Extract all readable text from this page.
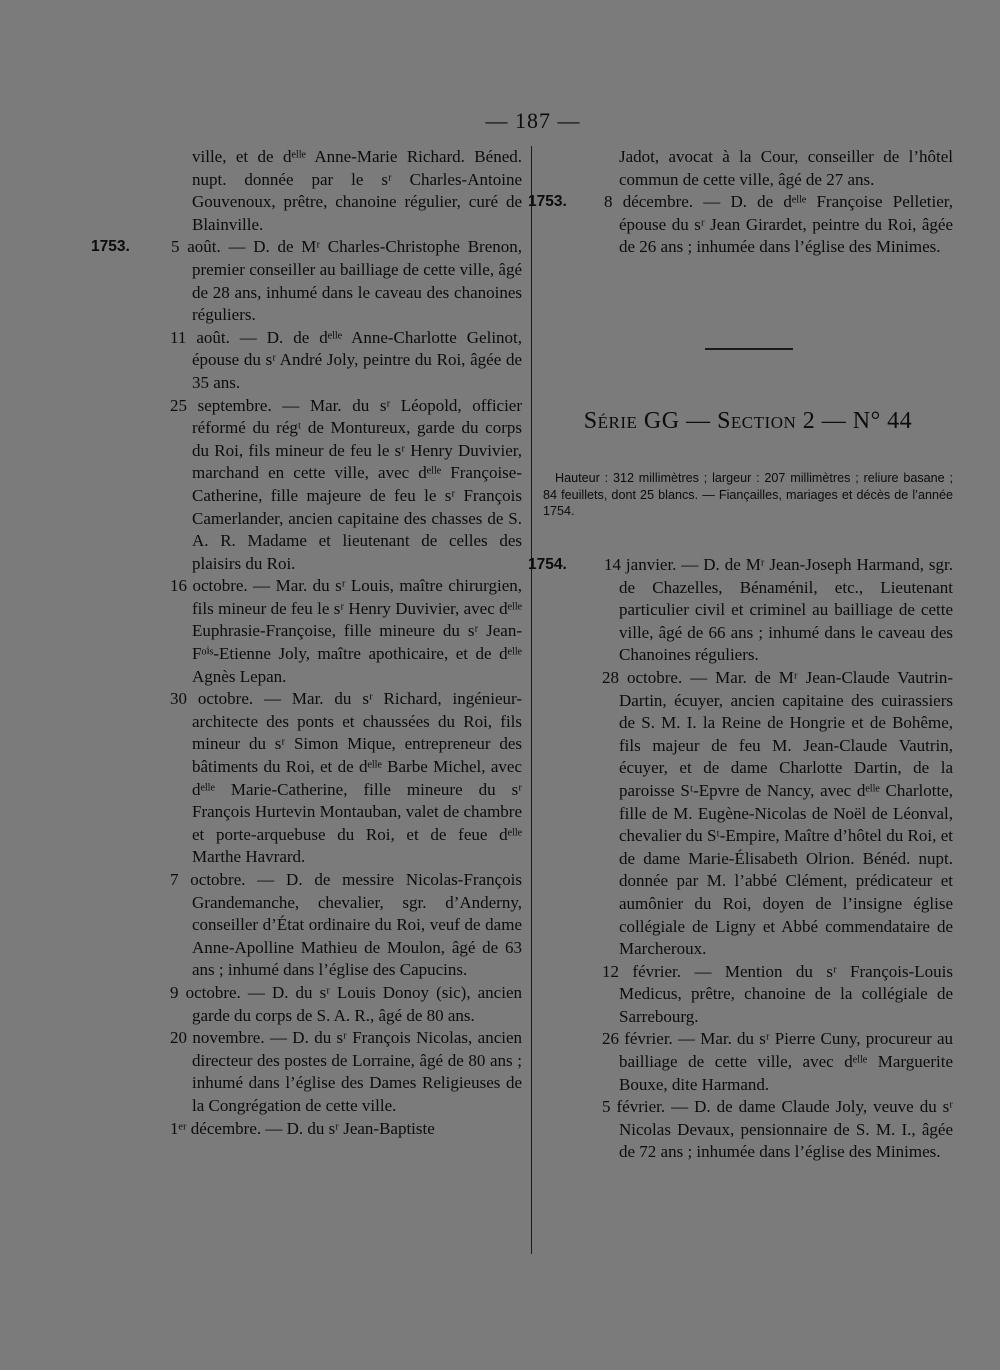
— 187 —

ville, et de dᵉˡˡᵉ Anne-Marie Richard. Béned. nupt. donnée par le sʳ Charles-Antoine Gouvenoux, prêtre, chanoine régulier, curé de Blainville.

1753. 5 août. — D. de Mʳ Charles-Christophe Brenon, premier conseiller au bailliage de cette ville, âgé de 28 ans, inhumé dans le caveau des chanoines réguliers.

11 août. — D. de dᵉˡˡᵉ Anne-Charlotte Gelinot, épouse du sʳ André Joly, peintre du Roi, âgée de 35 ans.

25 septembre. — Mar. du sʳ Léopold, officier réformé du régᵗ de Montureux, garde du corps du Roi, fils mineur de feu le sʳ Henry Duvivier, marchand en cette ville, avec dᵉˡˡᵉ Françoise-Catherine, fille majeure de feu le sʳ François Camerlander, ancien capitaine des chasses de S. A. R. Madame et lieutenant de celles des plaisirs du Roi.

16 octobre. — Mar. du sʳ Louis, maître chirurgien, fils mineur de feu le sʳ Henry Duvivier, avec dᵉˡˡᵉ Euphrasie-Françoise, fille mineure du sʳ Jean-Fᵒⁱˢ-Etienne Joly, maître apothicaire, et de dᵉˡˡᵉ Agnès Lepan.

30 octobre. — Mar. du sʳ Richard, ingénieur-architecte des ponts et chaussées du Roi, fils mineur du sʳ Simon Mique, entrepreneur des bâtiments du Roi, et de dᵉˡˡᵉ Barbe Michel, avec dᵉˡˡᵉ Marie-Catherine, fille mineure du sʳ François Hurtevin Montauban, valet de chambre et porte-arquebuse du Roi, et de feue dᵉˡˡᵉ Marthe Havrard.

7 octobre. — D. de messire Nicolas-François Grandemanche, chevalier, sgr. d’Anderny, conseiller d’État ordinaire du Roi, veuf de dame Anne-Apolline Mathieu de Moulon, âgé de 63 ans ; inhumé dans l’église des Capucins.

9 octobre. — D. du sʳ Louis Donoy (sic), ancien garde du corps de S. A. R., âgé de 80 ans.

20 novembre. — D. du sʳ François Nicolas, ancien directeur des postes de Lorraine, âgé de 80 ans ; inhumé dans l’église des Dames Religieuses de la Congrégation de cette ville.

1ᵉʳ décembre. — D. du sʳ Jean-Baptiste

Jadot, avocat à la Cour, conseiller de l’hôtel commun de cette ville, âgé de 27 ans.

1753. 8 décembre. — D. de dᵉˡˡᵉ Françoise Pelletier, épouse du sʳ Jean Girardet, peintre du Roi, âgée de 26 ans ; inhumée dans l’église des Minimes.

Série GG — Section 2 — N° 44
Hauteur : 312 millimètres ; largeur : 207 millimètres ; reliure basane ; 84 feuillets, dont 25 blancs. — Fiançailles, mariages et décès de l’année 1754.

1754. 14 janvier. — D. de Mʳ Jean-Joseph Harmand, sgr. de Chazelles, Bénaménil, etc., Lieutenant particulier civil et criminel au bailliage de cette ville, âgé de 66 ans ; inhumé dans le caveau des Chanoines réguliers.

28 octobre. — Mar. de Mʳ Jean-Claude Vautrin-Dartin, écuyer, ancien capitaine des cuirassiers de S. M. I. la Reine de Hongrie et de Bohême, fils majeur de feu M. Jean-Claude Vautrin, écuyer, et de dame Charlotte Dartin, de la paroisse Sᵗ-Epvre de Nancy, avec dᵉˡˡᵉ Charlotte, fille de M. Eugène-Nicolas de Noël de Léonval, chevalier du Sᵗ-Empire, Maître d’hôtel du Roi, et de dame Marie-Élisabeth Olrion. Bénéd. nupt. donnée par M. l’abbé Clément, prédicateur et aumônier du Roi, doyen de l’insigne église collégiale de Ligny et Abbé commendataire de Marcheroux.

12 février. — Mention du sʳ François-Louis Medicus, prêtre, chanoine de la collégiale de Sarrebourg.

26 février. — Mar. du sʳ Pierre Cuny, procureur au bailliage de cette ville, avec dᵉˡˡᵉ Marguerite Bouxe, dite Harmand.

5 février. — D. de dame Claude Joly, veuve du sʳ Nicolas Devaux, pensionnaire de S. M. I., âgée de 72 ans ; inhumée dans l’église des Minimes.
